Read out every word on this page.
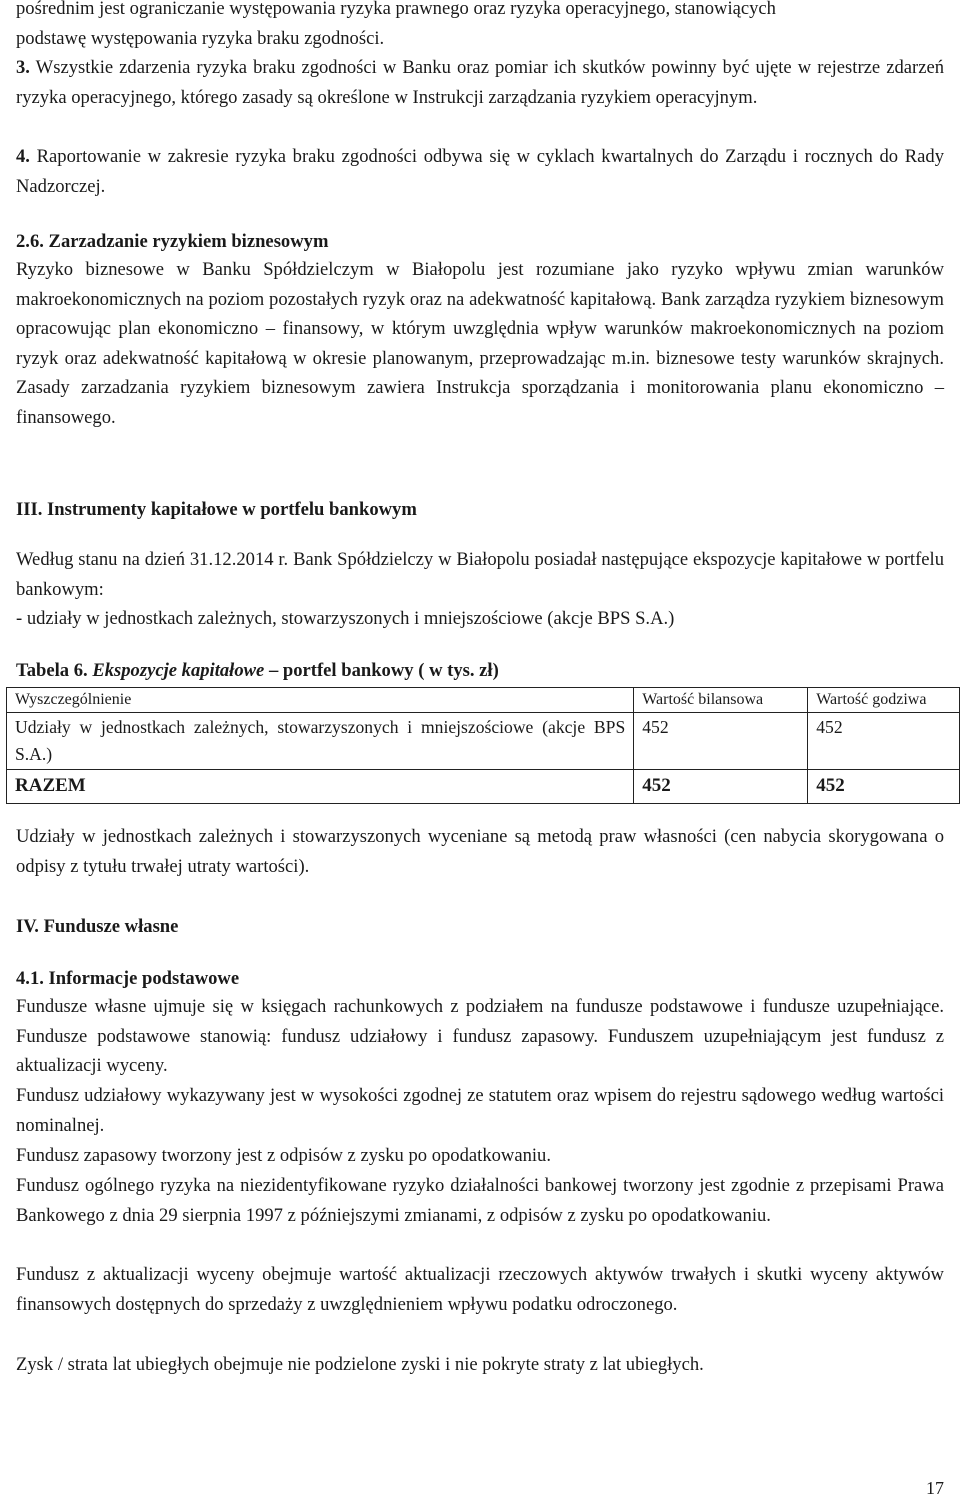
pośrednim jest ograniczanie występowania ryzyka prawnego oraz ryzyka operacyjnego, stanowiących
podstawę występowania ryzyka braku zgodności.

3. Wszystkie zdarzenia ryzyka braku zgodności w Banku oraz pomiar ich skutków powinny być ujęte w rejestrze zdarzeń ryzyka operacyjnego, którego zasady są określone w Instrukcji zarządzania ryzykiem operacyjnym.

4. Raportowanie w zakresie ryzyka braku zgodności odbywa się w cyklach kwartalnych do Zarządu i rocznych do Rady Nadzorczej.

2.6. Zarzadzanie ryzykiem biznesowym

Ryzyko biznesowe w Banku Spółdzielczym w Białopolu jest rozumiane jako ryzyko wpływu zmian warunków makroekonomicznych na poziom pozostałych ryzyk oraz na adekwatność kapitałową. Bank zarządza ryzykiem biznesowym opracowując plan ekonomiczno – finansowy, w którym uwzględnia wpływ warunków makroekonomicznych na poziom ryzyk oraz adekwatność kapitałową w okresie planowanym, przeprowadzając m.in. biznesowe testy warunków skrajnych. Zasady zarzadzania ryzykiem biznesowym zawiera Instrukcja sporządzania i monitorowania planu ekonomiczno – finansowego.

III. Instrumenty kapitałowe w portfelu bankowym

Według stanu na dzień 31.12.2014 r. Bank Spółdzielczy w Białopolu posiadał następujące ekspozycje kapitałowe w portfelu bankowym:

- udziały w jednostkach zależnych, stowarzyszonych i mniejszościowe (akcje BPS S.A.)

Tabela 6. Ekspozycje kapitałowe – portfel bankowy ( w tys. zł)

Wyszczególnienie	Wartość bilansowa	Wartość godziwa
Udziały w jednostkach zależnych, stowarzyszonych i mniejszościowe (akcje BPS S.A.)	452	452
RAZEM	452	452

Udziały w jednostkach zależnych i stowarzyszonych wyceniane są metodą praw własności (cen nabycia skorygowana o odpisy z tytułu trwałej utraty wartości).

IV. Fundusze własne

4.1. Informacje podstawowe

Fundusze własne ujmuje się w księgach rachunkowych z podziałem na fundusze podstawowe i fundusze uzupełniające. Fundusze podstawowe stanowią: fundusz udziałowy i fundusz zapasowy. Funduszem uzupełniającym jest fundusz z aktualizacji wyceny.

Fundusz udziałowy wykazywany jest w wysokości zgodnej ze statutem oraz wpisem do rejestru sądowego według wartości nominalnej.

Fundusz zapasowy tworzony jest z odpisów z zysku po opodatkowaniu.

Fundusz ogólnego ryzyka na niezidentyfikowane ryzyko działalności bankowej tworzony jest zgodnie z przepisami Prawa Bankowego z dnia 29 sierpnia 1997 z późniejszymi zmianami, z odpisów z zysku po opodatkowaniu.

Fundusz z aktualizacji wyceny obejmuje wartość aktualizacji rzeczowych aktywów trwałych i skutki wyceny aktywów finansowych dostępnych do sprzedaży z uwzględnieniem wpływu podatku odroczonego.

Zysk / strata lat ubiegłych obejmuje nie podzielone zyski i nie pokryte straty z lat ubiegłych.

17
